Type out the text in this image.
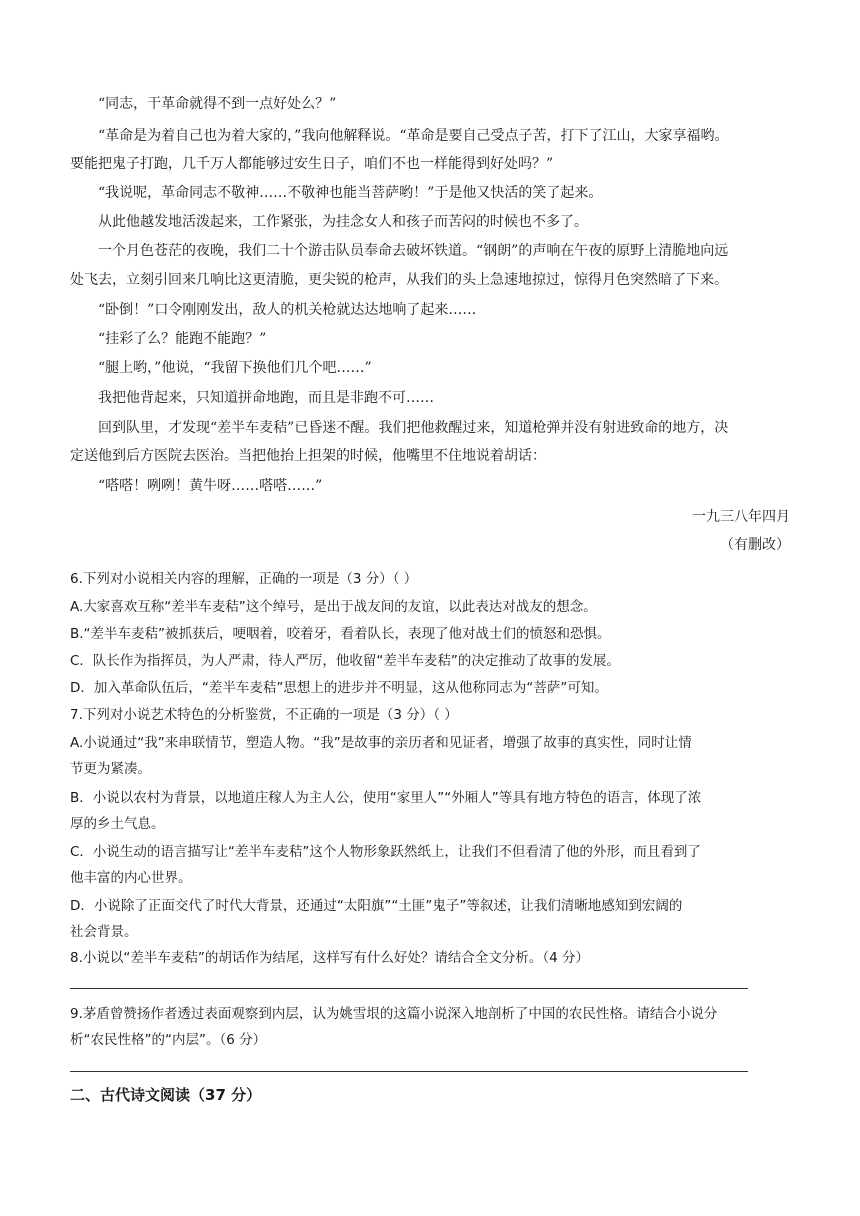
“同志，干革命就得不到一点好处么？”
“革命是为着自己也为着大家的，”我向他解释说。“革命是要自己受点子苦，打下了江山，大家享福哟。
要能把鬼子打跑，几千万人都能够过安生日子，咱们不也一样能得到好处吗？”
“我说呢，革命同志不敬神……不敬神也能当菩萨哟！”于是他又快活的笑了起来。
从此他越发地活泼起来，工作紧张，为挂念女人和孩子而苦闷的时候也不多了。
一个月色苍茫的夜晚，我们二十个游击队员奉命去破坏铁道。“钢朗”的声响在午夜的原野上清脆地向远
处飞去，立刻引回来几响比这更清脆，更尖锐的枪声，从我们的头上急速地掠过，惊得月色突然暗了下来。
“卧倒！”口令刚刚发出，敌人的机关枪就达达地响了起来……
“挂彩了么？能跑不能跑？”
“腿上哟，”他说，“我留下换他们几个吧……”
我把他背起来，只知道拼命地跑，而且是非跑不可……
回到队里，才发现“差半车麦秸”已昏迷不醒。我们把他救醒过来，知道枪弹并没有射进致命的地方，决
定送他到后方医院去医治。当把他抬上担架的时候，他嘴里不住地说着胡话：
“嗒嗒！咧咧！黄牛呀……嗒嗒……”
一九三八年四月
（有删改）
6.下列对小说相关内容的理解，正确的一项是（3 分）（ ）
A.大家喜欢互称“差半车麦秸”这个绰号，是出于战友间的友谊，以此表达对战友的想念。
B.“差半车麦秸”被抓获后，哽咽着，咬着牙，看着队长，表现了他对战士们的愤怒和恐惧。
C．队长作为指挥员，为人严肃，待人严厉，他收留“差半车麦秸”的决定推动了故事的发展。
D．加入革命队伍后，“差半车麦秸”思想上的进步并不明显，这从他称同志为“菩萨”可知。
7.下列对小说艺术特色的分析鉴赏，不正确的一项是（3 分）（ ）
A.小说通过“我”来串联情节，塑造人物。“我”是故事的亲历者和见证者，增强了故事的真实性，同时让情
节更为紧凑。
B．小说以农村为背景，以地道庄稼人为主人公，使用“家里人”“外厢人”等具有地方特色的语言，体现了浓
厚的乡土气息。
C．小说生动的语言描写让“差半车麦秸”这个人物形象跃然纸上，让我们不但看清了他的外形，而且看到了
他丰富的内心世界。
D．小说除了正面交代了时代大背景，还通过“太阳旗”“土匪”鬼子”等叙述，让我们清晰地感知到宏阔的
社会背景。
8.小说以“差半车麦秸”的胡话作为结尾，这样写有什么好处？请结合全文分析。（4 分）
9.茅盾曾赞扬作者透过表面观察到内层，认为姚雪垠的这篇小说深入地剖析了中国的农民性格。请结合小说分
析“农民性格”的“内层”。（6 分）
二、古代诗文阅读（37 分）
